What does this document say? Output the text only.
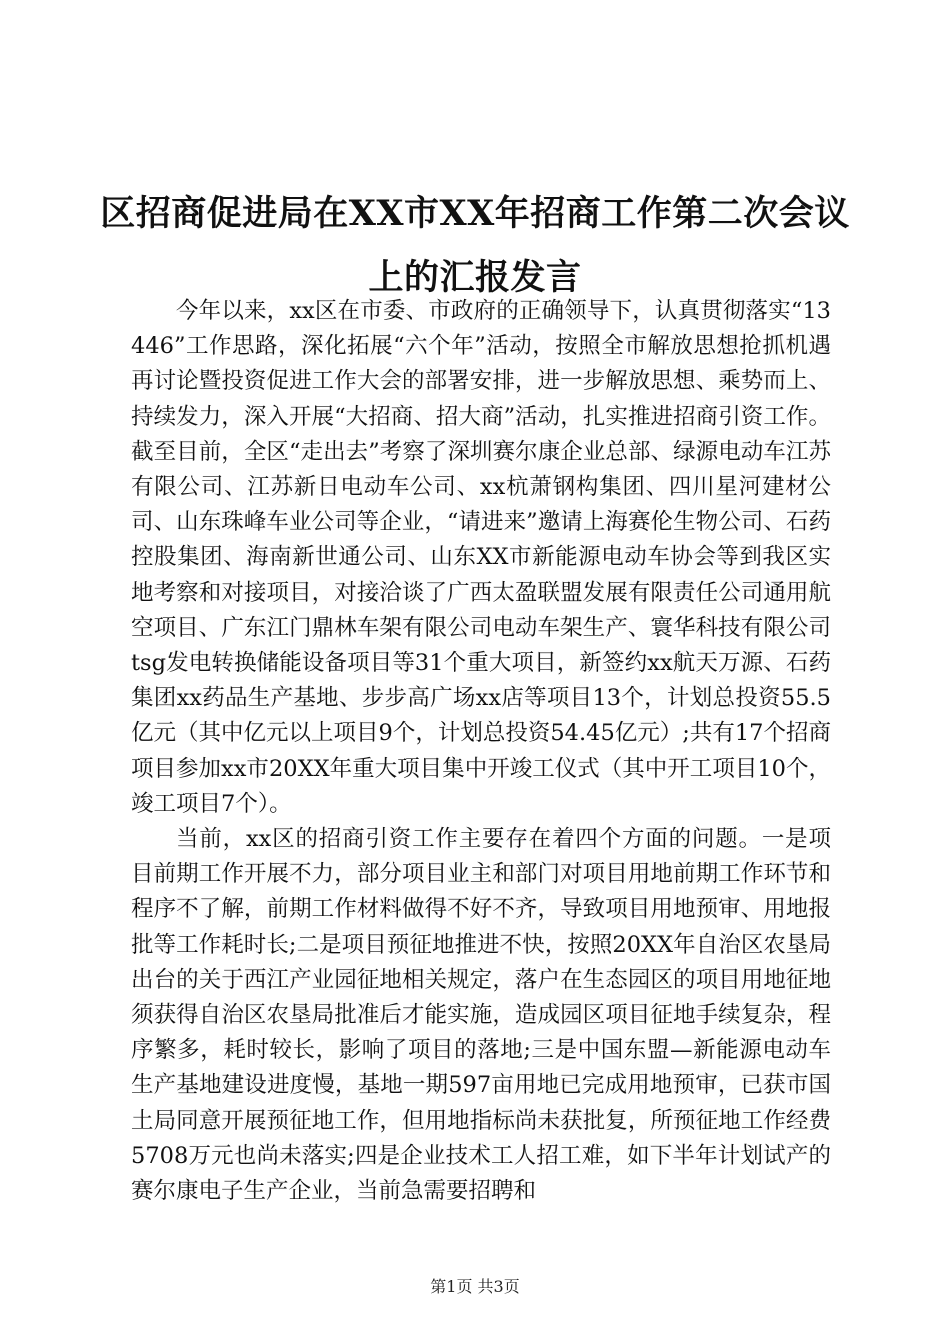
区招商促进局在XX市XX年招商工作第二次会议上的汇报发言

今年以来，xx区在市委、市政府的正确领导下，认真贯彻落实“13446”工作思路，深化拓展“六个年”活动，按照全市解放思想抢抓机遇再讨论暨投资促进工作大会的部署安排，进一步解放思想、乘势而上、持续发力，深入开展“大招商、招大商”活动，扎实推进招商引资工作。截至目前，全区“走出去”考察了深圳赛尔康企业总部、绿源电动车江苏有限公司、江苏新日电动车公司、xx杭萧钢构集团、四川星河建材公司、山东珠峰车业公司等企业，“请进来”邀请上海赛伦生物公司、石药控股集团、海南新世通公司、山东XX市新能源电动车协会等到我区实地考察和对接项目，对接洽谈了广西太盈联盟发展有限责任公司通用航空项目、广东江门鼎林车架有限公司电动车架生产、寰华科技有限公司tsg发电转换储能设备项目等31个重大项目，新签约xx航天万源、石药集团xx药品生产基地、步步高广场xx店等项目13个，计划总投资55.5亿元（其中亿元以上项目9个，计划总投资54.45亿元）;共有17个招商项目参加xx市20XX年重大项目集中开竣工仪式（其中开工项目10个，竣工项目7个）。

当前，xx区的招商引资工作主要存在着四个方面的问题。一是项目前期工作开展不力，部分项目业主和部门对项目用地前期工作环节和程序不了解，前期工作材料做得不好不齐，导致项目用地预审、用地报批等工作耗时长;二是项目预征地推进不快，按照20XX年自治区农垦局出台的关于西江产业园征地相关规定，落户在生态园区的项目用地征地须获得自治区农垦局批准后才能实施，造成园区项目征地手续复杂，程序繁多，耗时较长，影响了项目的落地;三是中国东盟—新能源电动车生产基地建设进度慢，基地一期597亩用地已完成用地预审，已获市国土局同意开展预征地工作，但用地指标尚未获批复，所预征地工作经费5708万元也尚未落实;四是企业技术工人招工难，如下半年计划试产的赛尔康电子生产企业，当前急需要招聘和

第1页 共3页
